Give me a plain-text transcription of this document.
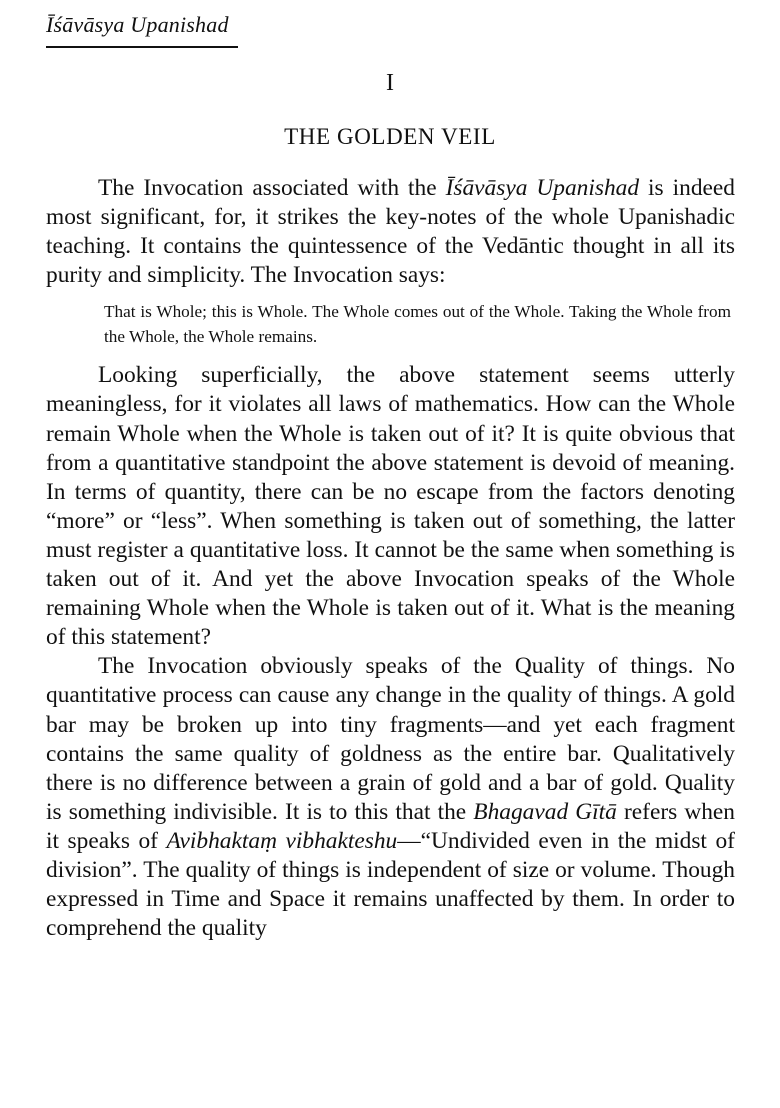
Īśāvāsya Upanishad
I
THE GOLDEN VEIL

The Invocation associated with the Īśāvāsya Upanishad is indeed most significant, for, it strikes the key-notes of the whole Upanishadic teaching. It contains the quintessence of the Vedāntic thought in all its purity and simplicity. The Invocation says:

That is Whole; this is Whole. The Whole comes out of the Whole. Taking the Whole from the Whole, the Whole remains.

Looking superficially, the above statement seems utterly meaningless, for it violates all laws of mathematics. How can the Whole remain Whole when the Whole is taken out of it? It is quite obvious that from a quantitative standpoint the above statement is devoid of meaning. In terms of quantity, there can be no escape from the factors denoting “more” or “less”. When something is taken out of something, the latter must register a quantitative loss. It cannot be the same when something is taken out of it. And yet the above Invocation speaks of the Whole remaining Whole when the Whole is taken out of it. What is the meaning of this statement?

The Invocation obviously speaks of the Quality of things. No quantitative process can cause any change in the quality of things. A gold bar may be broken up into tiny fragments—and yet each fragment contains the same quality of goldness as the entire bar. Qualitatively there is no difference between a grain of gold and a bar of gold. Quality is something indivisible. It is to this that the Bhagavad Gītā refers when it speaks of Avibhaktaṃ vibhakteshu—“Undivided even in the midst of division”. The quality of things is independent of size or volume. Though expressed in Time and Space it remains unaffected by them. In order to comprehend the quality
